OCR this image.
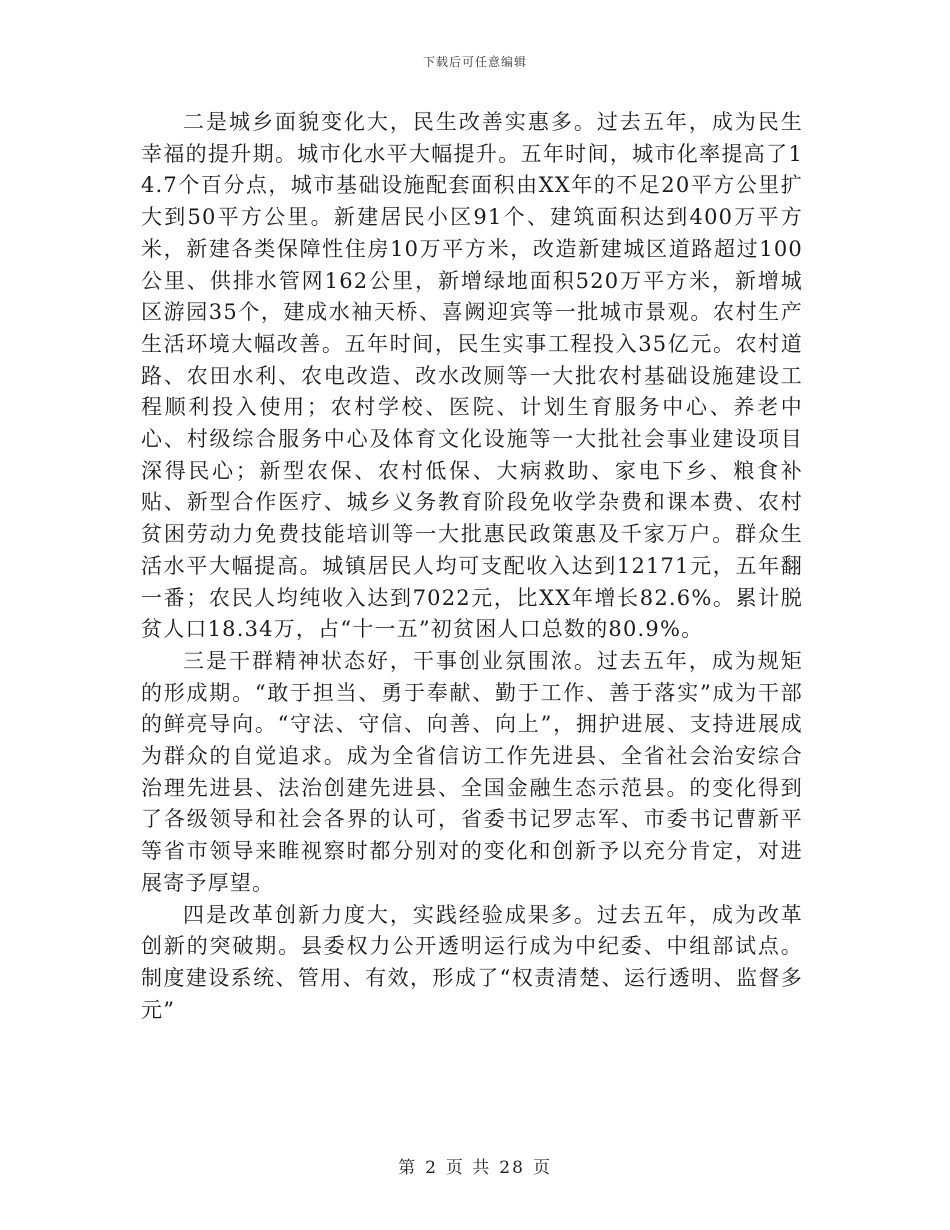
下载后可任意编辑

二是城乡面貌变化大，民生改善实惠多。过去五年，成为民生幸福的提升期。城市化水平大幅提升。五年时间，城市化率提高了14.7个百分点，城市基础设施配套面积由XX年的不足20平方公里扩大到50平方公里。新建居民小区91个、建筑面积达到400万平方米，新建各类保障性住房10万平方米，改造新建城区道路超过100公里、供排水管网162公里，新增绿地面积520万平方米，新增城区游园35个，建成水袖天桥、喜阙迎宾等一批城市景观。农村生产生活环境大幅改善。五年时间，民生实事工程投入35亿元。农村道路、农田水利、农电改造、改水改厕等一大批农村基础设施建设工程顺利投入使用；农村学校、医院、计划生育服务中心、养老中心、村级综合服务中心及体育文化设施等一大批社会事业建设项目深得民心；新型农保、农村低保、大病救助、家电下乡、粮食补贴、新型合作医疗、城乡义务教育阶段免收学杂费和课本费、农村贫困劳动力免费技能培训等一大批惠民政策惠及千家万户。群众生活水平大幅提高。城镇居民人均可支配收入达到12171元，五年翻一番；农民人均纯收入达到7022元，比XX年增长82.6%。累计脱贫人口18.34万，占“十一五”初贫困人口总数的80.9%。

三是干群精神状态好，干事创业氛围浓。过去五年，成为规矩的形成期。“敢于担当、勇于奉献、勤于工作、善于落实”成为干部的鲜亮导向。“守法、守信、向善、向上”，拥护进展、支持进展成为群众的自觉追求。成为全省信访工作先进县、全省社会治安综合治理先进县、法治创建先进县、全国金融生态示范县。的变化得到了各级领导和社会各界的认可，省委书记罗志军、市委书记曹新平等省市领导来睢视察时都分别对的变化和创新予以充分肯定，对进展寄予厚望。

四是改革创新力度大，实践经验成果多。过去五年，成为改革创新的突破期。县委权力公开透明运行成为中纪委、中组部试点。制度建设系统、管用、有效，形成了“权责清楚、运行透明、监督多元”

第 2 页 共 28 页
